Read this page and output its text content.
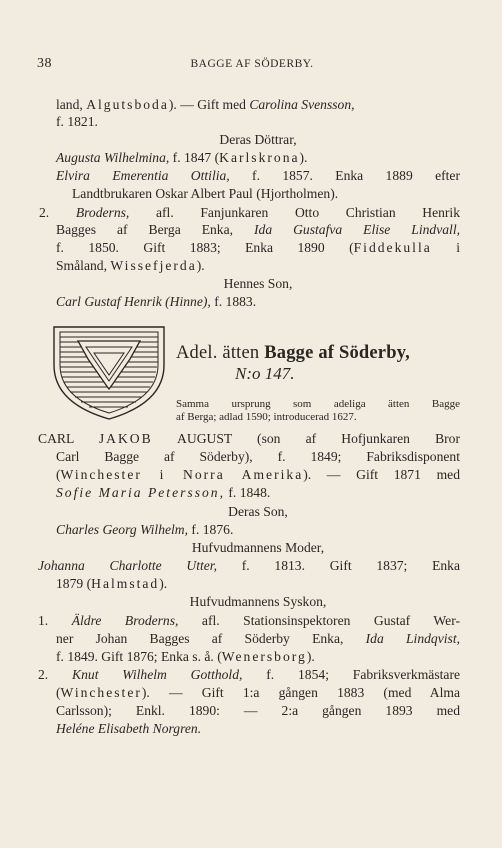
38	BAGGE AF SÖDERBY.
land, Algutsboda). — Gift med Carolina Svensson,
f. 1821.
Deras Döttrar,
Augusta Wilhelmina, f. 1847 (Karlskrona).
Elvira Emerentia Ottilia, f. 1857. Enka 1889 efter
Landtbrukaren Oskar Albert Paul (Hjortholmen).
2. Broderns, afl. Fanjunkaren Otto Christian Henrik
Bagges af Berga Enka, Ida Gustafva Elise Lindvall,
f. 1850. Gift 1883; Enka 1890 (Fiddekulla i
Småland, Wissefjerda).
Hennes Son,
Carl Gustaf Henrik (Hinne), f. 1883.
Adel. ätten Bagge af Söderby,
N:o 147.
Samma ursprung som adeliga ätten Bagge
af Berga; adlad 1590; introducerad 1627.
CARL JAKOB AUGUST (son af Hofjunkaren Bror
Carl Bagge af Söderby), f. 1849; Fabriksdisponent
(Winchester i Norra Amerika). — Gift 1871 med
Sofie Maria Petersson, f. 1848.
Deras Son,
Charles Georg Wilhelm, f. 1876.
Hufvudmannens Moder,
Johanna Charlotte Utter, f. 1813. Gift 1837; Enka
1879 (Halmstad).
Hufvudmannens Syskon,
1. Äldre Broderns, afl. Stationsinspektoren Gustaf Wer-
ner Johan Bagges af Söderby Enka, Ida Lindqvist,
f. 1849. Gift 1876; Enka s. å. (Wenersborg).
2. Knut Wilhelm Gotthold, f. 1854; Fabriksverkmästare
(Winchester). — Gift 1:a gången 1883 (med Alma
Carlsson); Enkl. 1890: — 2:a gången 1893 med
Heléne Elisabeth Norgren.
